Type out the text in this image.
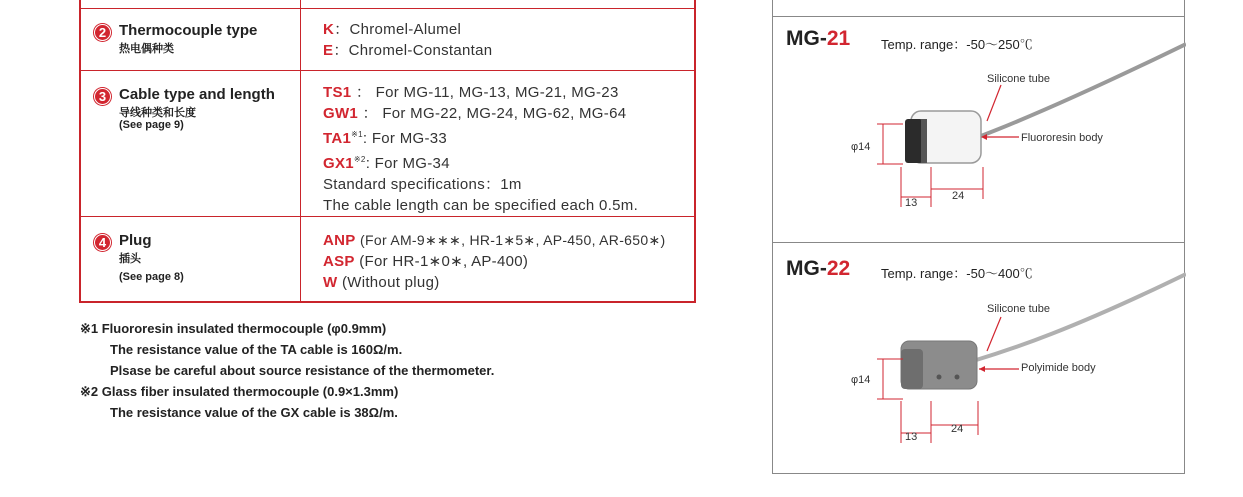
2 Thermocouple type
热电偶种类
K：Chromel-Alumel
E：Chromel-Constantan
3 Cable type and length
导线种类和长度
(See page 9)
TS1 ： For MG-11, MG-13, MG-21, MG-23
GW1 ： For MG-22, MG-24, MG-62, MG-64
TA1$^{※1}$: For MG-33
GX1$^{※2}$: For MG-34
Standard specifications：1m
The cable length can be specified each 0.5m.
4 Plug
插头
(See page 8)
ANP (For AM-9∗∗∗, HR-1∗5∗, AP-450, AR-650∗)
ASP (For HR-1∗0∗, AP-400)
W (Without plug)
※1 Fluororesin insulated thermocouple (φ0.9mm)
The resistance value of the TA cable is 160Ω/m.
Plsase be careful about source resistance of the thermometer.
※2 Glass fiber insulated thermocouple (0.9×1.3mm)
The resistance value of the GX cable is 38Ω/m.
MG-21 Temp. range：-50～250℃
Silicone tube
Fluororesin body
φ14
13
24
MG-22 Temp. range：-50～400℃
Silicone tube
Polyimide body
φ14
13
24
